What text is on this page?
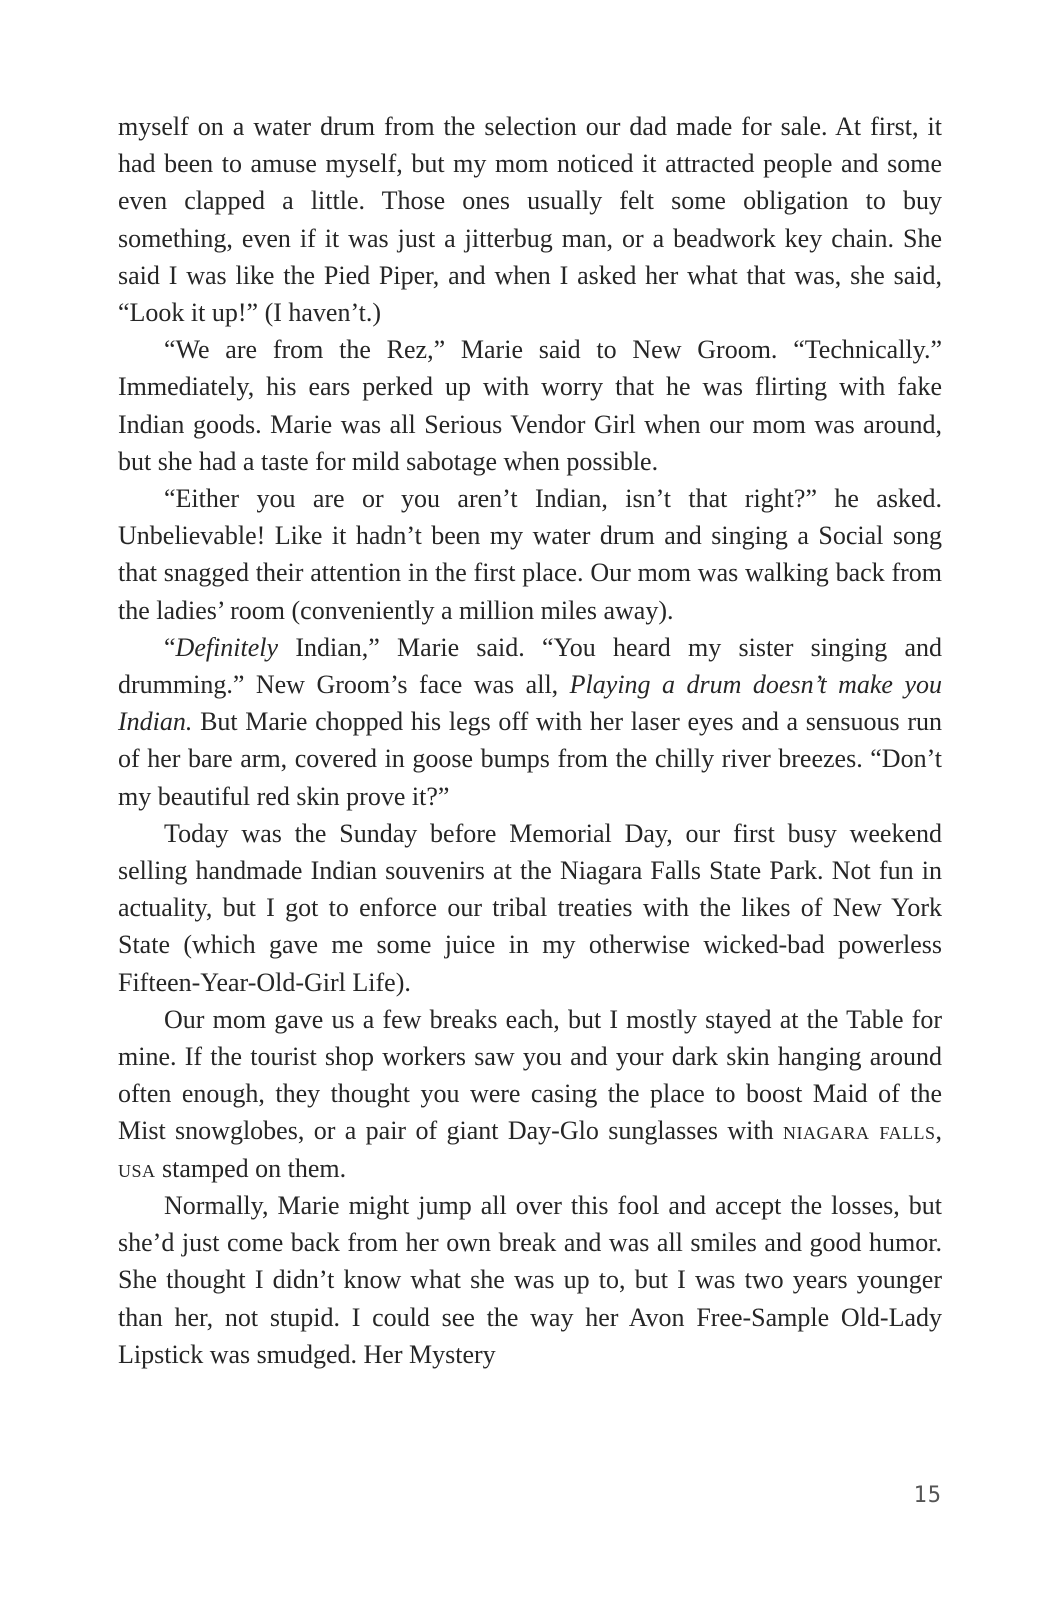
myself on a water drum from the selection our dad made for sale. At first, it had been to amuse myself, but my mom noticed it attracted people and some even clapped a little. Those ones usually felt some obligation to buy something, even if it was just a jitterbug man, or a beadwork key chain. She said I was like the Pied Piper, and when I asked her what that was, she said, “Look it up!” (I haven’t.)

“We are from the Rez,” Marie said to New Groom. “Technically.” Immediately, his ears perked up with worry that he was flirting with fake Indian goods. Marie was all Serious Vendor Girl when our mom was around, but she had a taste for mild sabotage when possible.

“Either you are or you aren’t Indian, isn’t that right?” he asked. Unbelievable! Like it hadn’t been my water drum and singing a Social song that snagged their attention in the first place. Our mom was walking back from the ladies’ room (conveniently a million miles away).

“Definitely Indian,” Marie said. “You heard my sister singing and drumming.” New Groom’s face was all, Playing a drum doesn’t make you Indian. But Marie chopped his legs off with her laser eyes and a sensuous run of her bare arm, covered in goose bumps from the chilly river breezes. “Don’t my beautiful red skin prove it?”

Today was the Sunday before Memorial Day, our first busy weekend selling handmade Indian souvenirs at the Niagara Falls State Park. Not fun in actuality, but I got to enforce our tribal treaties with the likes of New York State (which gave me some juice in my otherwise wicked-bad powerless Fifteen-Year-Old-Girl Life).

Our mom gave us a few breaks each, but I mostly stayed at the Table for mine. If the tourist shop workers saw you and your dark skin hanging around often enough, they thought you were casing the place to boost Maid of the Mist snowglobes, or a pair of giant Day-Glo sunglasses with niagara falls, usa stamped on them.

Normally, Marie might jump all over this fool and accept the losses, but she’d just come back from her own break and was all smiles and good humor. She thought I didn’t know what she was up to, but I was two years younger than her, not stupid. I could see the way her Avon Free-Sample Old-Lady Lipstick was smudged. Her Mystery

15
